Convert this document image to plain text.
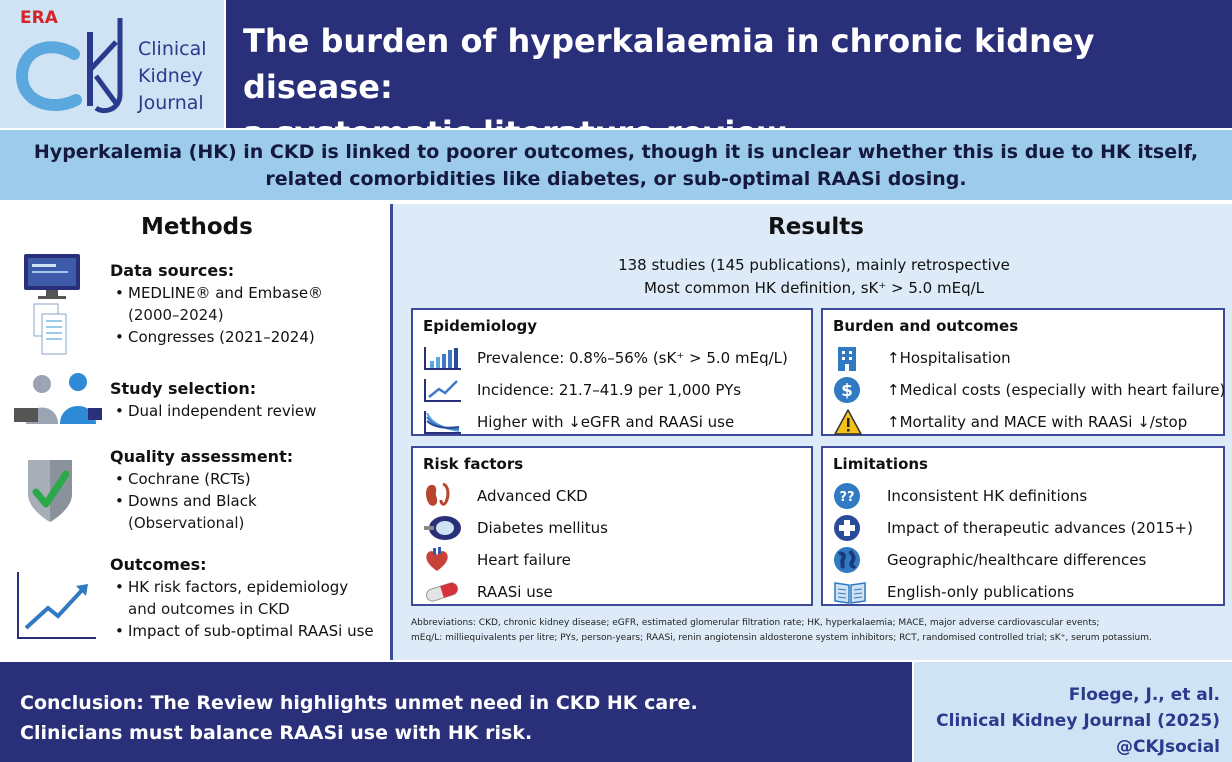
ERA
Clinical
Kidney
Journal
The burden of hyperkalaemia in chronic kidney disease:

Hyperkalemia (HK) in CKD is linked to poorer outcomes, though it is unclear whether this is due to HK itself,

related comorbidities like diabetes, or sub-optimal RAASi dosing.

Methods
Data sources:
• MEDLINE® and Embase®
(2000–2024)
• Congresses (2021–2024)
Study selection:
• Dual independent review
Quality assessment:
• Cochrane (RCTs)
• Downs and Black
(Observational)
Outcomes:
• HK risk factors, epidemiology
and outcomes in CKD
• Impact of sub-optimal RAASi use
Results
138 studies (145 publications), mainly retrospective
Most common HK definition, sK⁺ > 5.0 mEq/L
Epidemiology
Prevalence: 0.8%–56% (sK⁺ > 5.0 mEq/L)
Incidence: 21.7–41.9 per 1,000 PYs
Higher with ↓eGFR and RAASi use
Burden and outcomes
↑Hospitalisation
$ ↑Medical costs (especially with heart failure)
↑Mortality and MACE with RAASi ↓/stop
Risk factors
Advanced CKD
Diabetes mellitus
Heart failure
RAASi use
Limitations
?? Inconsistent HK definitions
Impact of therapeutic advances (2015+)
Geographic/healthcare differences
English-only publications
Abbreviations: CKD, chronic kidney disease; eGFR, estimated glomerular filtration rate; HK, hyperkalaemia; MACE, major adverse cardiovascular events;
mEq/L: milliequivalents per litre; PYs, person-years; RAASi, renin angiotensin aldosterone system inhibitors; RCT, randomised controlled trial; sK⁺, serum potassium.

Conclusion: The Review highlights unmet need in CKD HK care.

Clinicians must balance RAASi use with HK risk.

Floege, J., et al.

Clinical Kidney Journal (2025)

@CKJsocial
